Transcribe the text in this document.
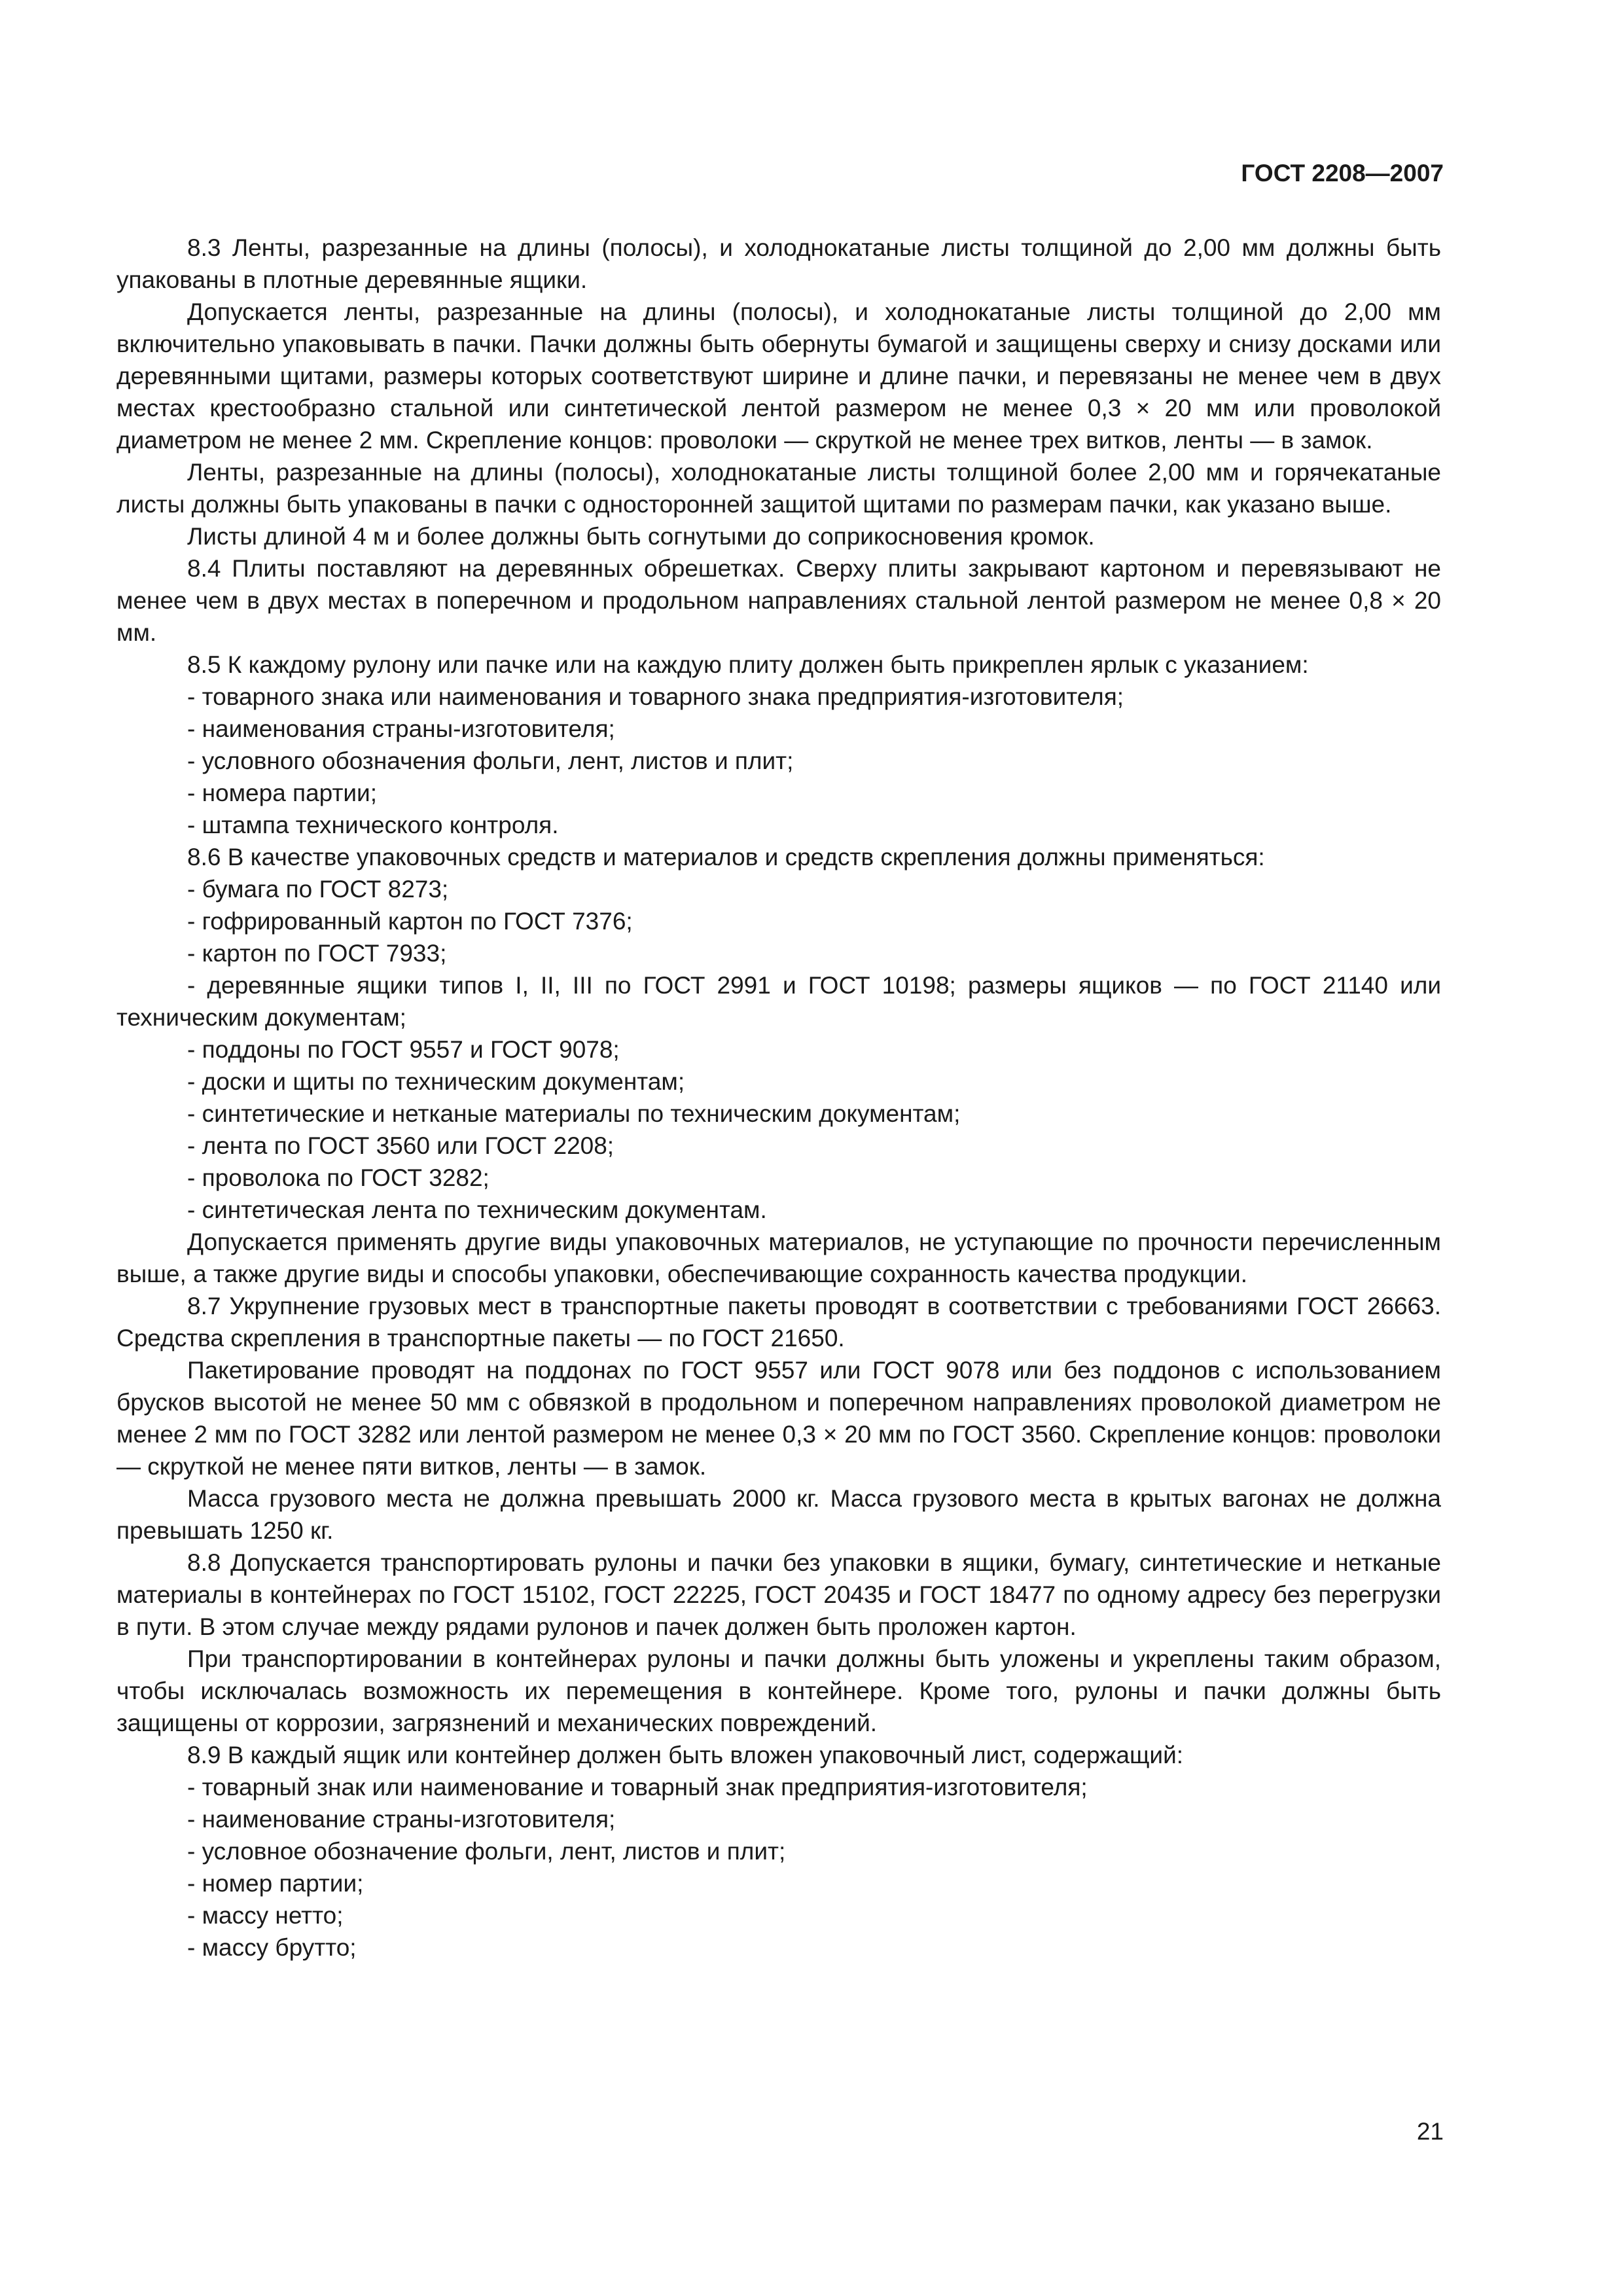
ГОСТ 2208—2007

8.3 Ленты, разрезанные на длины (полосы), и холоднокатаные листы толщиной до 2,00 мм должны быть упакованы в плотные деревянные ящики.

Допускается ленты, разрезанные на длины (полосы), и холоднокатаные листы толщиной до 2,00 мм включительно упаковывать в пачки. Пачки должны быть обернуты бумагой и защищены сверху и снизу досками или деревянными щитами, размеры которых соответствуют ширине и длине пачки, и перевязаны не менее чем в двух местах крестообразно стальной или синтетической лентой размером не менее 0,3 × 20 мм или проволокой диаметром не менее 2 мм. Скрепление концов: проволоки — скруткой не менее трех витков, ленты — в замок.

Ленты, разрезанные на длины (полосы), холоднокатаные листы толщиной более 2,00 мм и горячекатаные листы должны быть упакованы в пачки с односторонней защитой щитами по размерам пачки, как указано выше.

Листы длиной 4 м и более должны быть согнутыми до соприкосновения кромок.

8.4 Плиты поставляют на деревянных обрешетках. Сверху плиты закрывают картоном и перевязывают не менее чем в двух местах в поперечном и продольном направлениях стальной лентой размером не менее 0,8 × 20 мм.

8.5 К каждому рулону или пачке или на каждую плиту должен быть прикреплен ярлык с указанием:

- товарного знака или наименования и товарного знака предприятия-изготовителя;

- наименования страны-изготовителя;

- условного обозначения фольги, лент, листов и плит;

- номера партии;

- штампа технического контроля.

8.6 В качестве упаковочных средств и материалов и средств скрепления должны применяться:

- бумага по ГОСТ 8273;

- гофрированный картон по ГОСТ 7376;

- картон по ГОСТ 7933;

- деревянные ящики типов I, II, III по ГОСТ 2991 и ГОСТ 10198; размеры ящиков — по ГОСТ 21140 или техническим документам;

- поддоны по ГОСТ 9557 и ГОСТ 9078;

- доски и щиты по техническим документам;

- синтетические и нетканые материалы по техническим документам;

- лента по ГОСТ 3560 или ГОСТ 2208;

- проволока по ГОСТ 3282;

- синтетическая лента по техническим документам.

Допускается применять другие виды упаковочных материалов, не уступающие по прочности перечисленным выше, а также другие виды и способы упаковки, обеспечивающие сохранность качества продукции.

8.7 Укрупнение грузовых мест в транспортные пакеты проводят в соответствии с требованиями ГОСТ 26663. Средства скрепления в транспортные пакеты — по ГОСТ 21650.

Пакетирование проводят на поддонах по ГОСТ 9557 или ГОСТ 9078 или без поддонов с использованием брусков высотой не менее 50 мм с обвязкой в продольном и поперечном направлениях проволокой диаметром не менее 2 мм по ГОСТ 3282 или лентой размером не менее 0,3 × 20 мм по ГОСТ 3560. Скрепление концов: проволоки — скруткой не менее пяти витков, ленты — в замок.

Масса грузового места не должна превышать 2000 кг. Масса грузового места в крытых вагонах не должна превышать 1250 кг.

8.8 Допускается транспортировать рулоны и пачки без упаковки в ящики, бумагу, синтетические и нетканые материалы в контейнерах по ГОСТ 15102, ГОСТ 22225, ГОСТ 20435 и ГОСТ 18477 по одному адресу без перегрузки в пути. В этом случае между рядами рулонов и пачек должен быть проложен картон.

При транспортировании в контейнерах рулоны и пачки должны быть уложены и укреплены таким образом, чтобы исключалась возможность их перемещения в контейнере. Кроме того, рулоны и пачки должны быть защищены от коррозии, загрязнений и механических повреждений.

8.9 В каждый ящик или контейнер должен быть вложен упаковочный лист, содержащий:

- товарный знак или наименование и товарный знак предприятия-изготовителя;

- наименование страны-изготовителя;

- условное обозначение фольги, лент, листов и плит;

- номер партии;

- массу нетто;

- массу брутто;

21
